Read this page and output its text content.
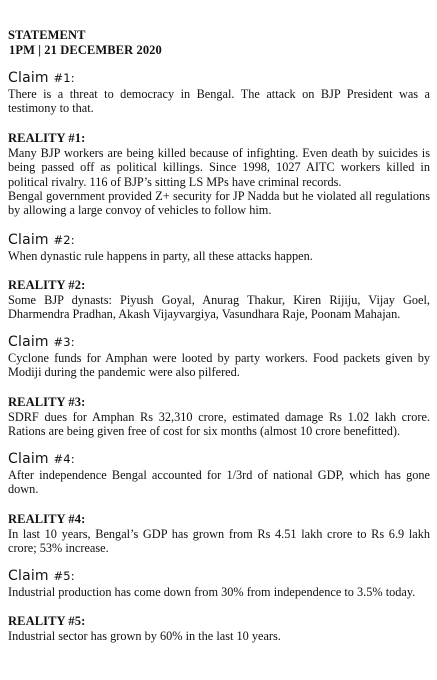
STATEMENT
1PM | 21 DECEMBER 2020
Claim #1:

There is a threat to democracy in Bengal. The attack on BJP President was a testimony to that.

REALITY #1:

Many BJP workers are being killed because of infighting. Even death by suicides is being passed off as political killings. Since 1998, 1027 AITC workers killed in political rivalry. 116 of BJP’s sitting LS MPs have criminal records.

Bengal government provided Z+ security for JP Nadda but he violated all regulations by allowing a large convoy of vehicles to follow him.

Claim #2:

When dynastic rule happens in party, all these attacks happen.

REALITY #2:

Some BJP dynasts: Piyush Goyal, Anurag Thakur, Kiren Rijiju, Vijay Goel, Dharmendra Pradhan, Akash Vijayvargiya, Vasundhara Raje, Poonam Mahajan.

Claim #3:

Cyclone funds for Amphan were looted by party workers. Food packets given by Modiji during the pandemic were also pilfered.

REALITY #3:

SDRF dues for Amphan Rs 32,310 crore, estimated damage Rs 1.02 lakh crore. Rations are being given free of cost for six months (almost 10 crore benefitted).

Claim #4:

After independence Bengal accounted for 1/3rd of national GDP, which has gone down.

REALITY #4:

In last 10 years, Bengal’s GDP has grown from Rs 4.51 lakh crore to Rs 6.9 lakh crore; 53% increase.

Claim #5:

Industrial production has come down from 30% from independence to 3.5% today.

REALITY #5:

Industrial sector has grown by 60% in the last 10 years.
